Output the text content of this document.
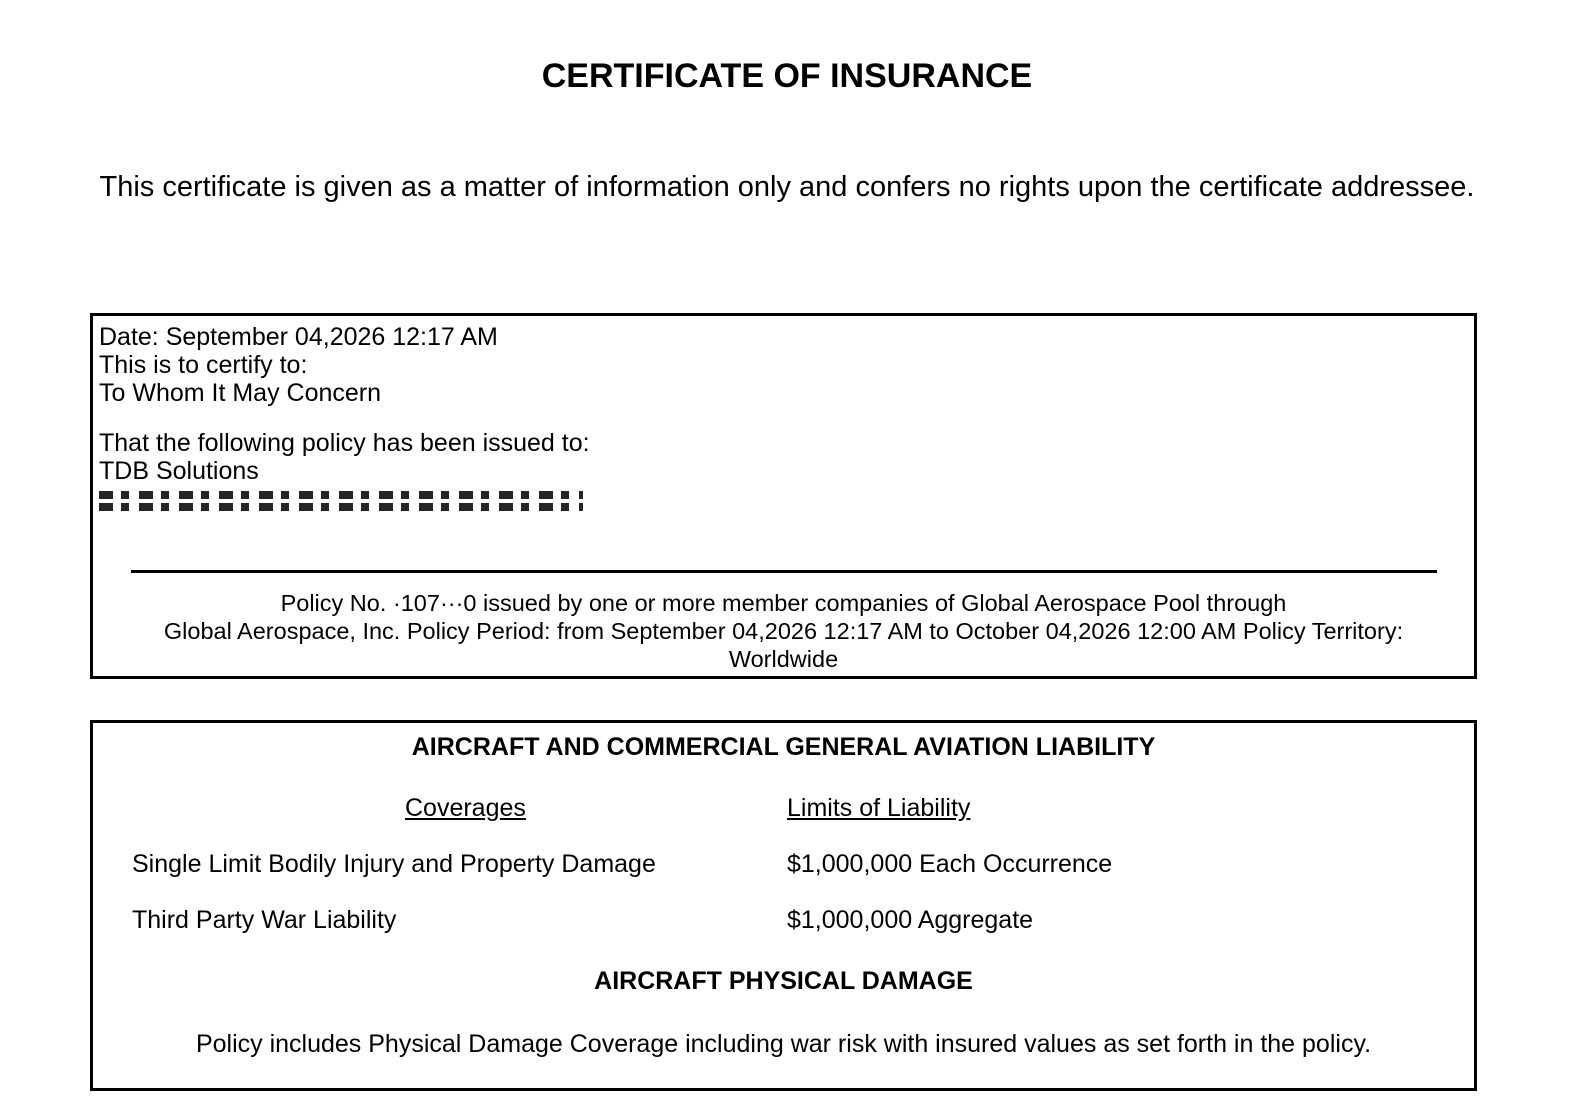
CERTIFICATE OF INSURANCE
This certificate is given as a matter of information only and confers no rights upon the certificate addressee.
Date: September 04,2026 12:17 AM
This is to certify to:
To Whom It May Concern
That the following policy has been issued to:
TDB Solutions
Policy No. ·107···0 issued by one or more member companies of Global Aerospace Pool through
Global Aerospace, Inc. Policy Period: from September 04,2026 12:17 AM to October 04,2026 12:00 AM Policy Territory:
Worldwide
AIRCRAFT AND COMMERCIAL GENERAL AVIATION LIABILITY
Coverages	Limits of Liability
Single Limit Bodily Injury and Property Damage	$1,000,000 Each Occurrence
Third Party War Liability	$1,000,000 Aggregate
AIRCRAFT PHYSICAL DAMAGE
Policy includes Physical Damage Coverage including war risk with insured values as set forth in the policy.
